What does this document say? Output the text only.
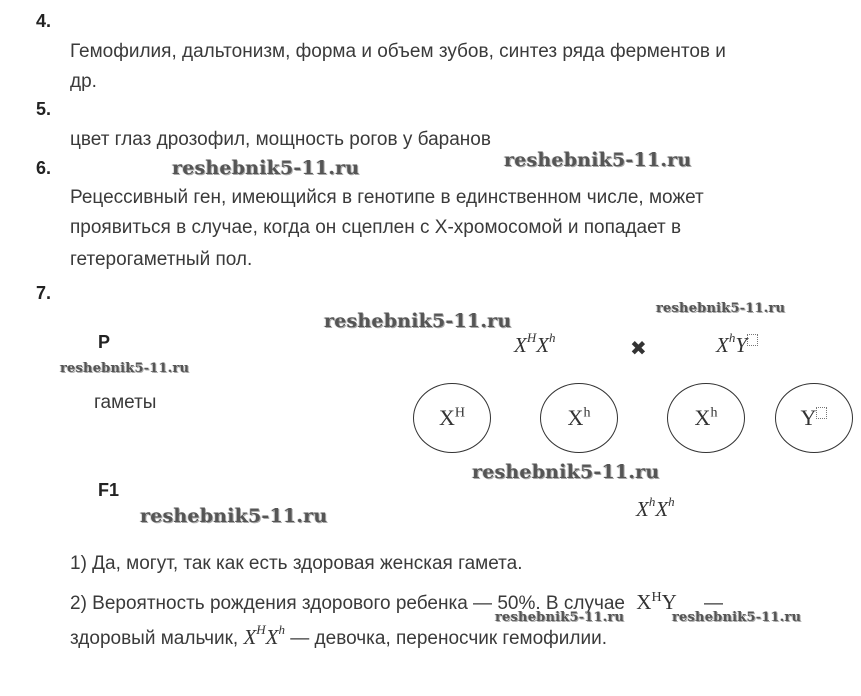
4.
Гемофилия, дальтонизм, форма и объем зубов, синтез ряда ферментов и
др.
5.
цвет глаз дрозофил, мощность рогов у баранов
6.
Рецессивный ген, имеющийся в генотипе в единственном числе, может
проявиться в случае, когда он сцеплен с Х-хромосомой и попадает в
гетерогаметный пол.
7.
P
гаметы
F1
$X^HX^h$
✖	$X^hY$
$X^H$	$X^h$	$X^h$	Y
$X^hX^h$
1) Да, могут, так как есть здоровая женская гамета.
2) Вероятность рождения здорового ребенка — 50%. В случае $X^HY$ —
здоровый мальчик, $X^HX^h$ — девочка, переносчик гемофилии.
reshebnik5-11.ru	reshebnik5-11.ru
reshebnik5-11.ru
reshebnik5-11.ru
reshebnik5-11.ru
reshebnik5-11.ru
reshebnik5-11.ru
reshebnik5-11.ru	reshebnik5-11.ru
